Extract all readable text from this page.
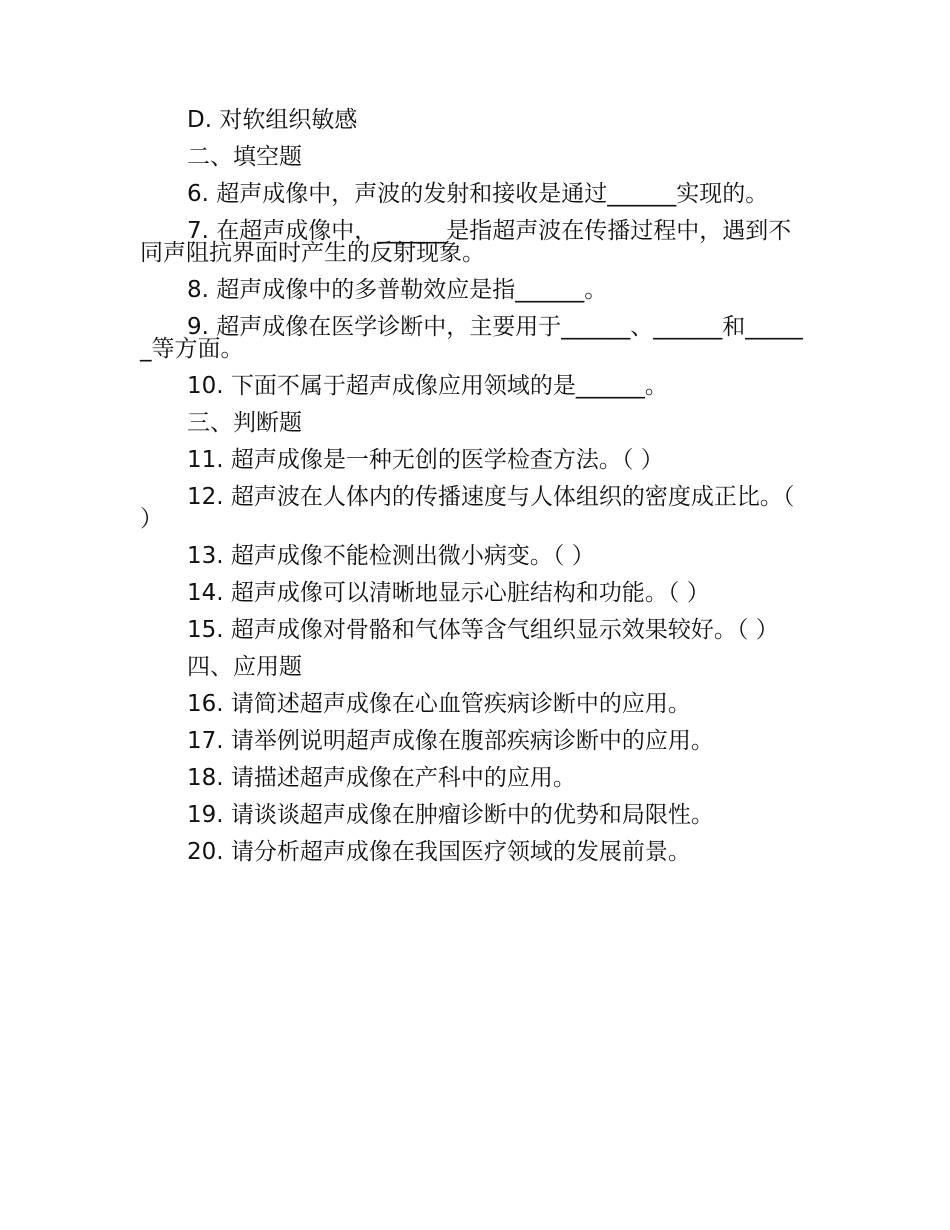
D. 对软组织敏感
二、填空题
6. 超声成像中，声波的发射和接收是通过______实现的。
7. 在超声成像中，______是指超声波在传播过程中，遇到不同声阻抗界面时产生的反射现象。
8. 超声成像中的多普勒效应是指______。
9. 超声成像在医学诊断中，主要用于______、______和______等方面。
10. 下面不属于超声成像应用领域的是______。
三、判断题
11. 超声成像是一种无创的医学检查方法。（ ）
12. 超声波在人体内的传播速度与人体组织的密度成正比。（ ）
13. 超声成像不能检测出微小病变。（ ）
14. 超声成像可以清晰地显示心脏结构和功能。（ ）
15. 超声成像对骨骼和气体等含气组织显示效果较好。（ ）
四、应用题
16. 请简述超声成像在心血管疾病诊断中的应用。
17. 请举例说明超声成像在腹部疾病诊断中的应用。
18. 请描述超声成像在产科中的应用。
19. 请谈谈超声成像在肿瘤诊断中的优势和局限性。
20. 请分析超声成像在我国医疗领域的发展前景。
